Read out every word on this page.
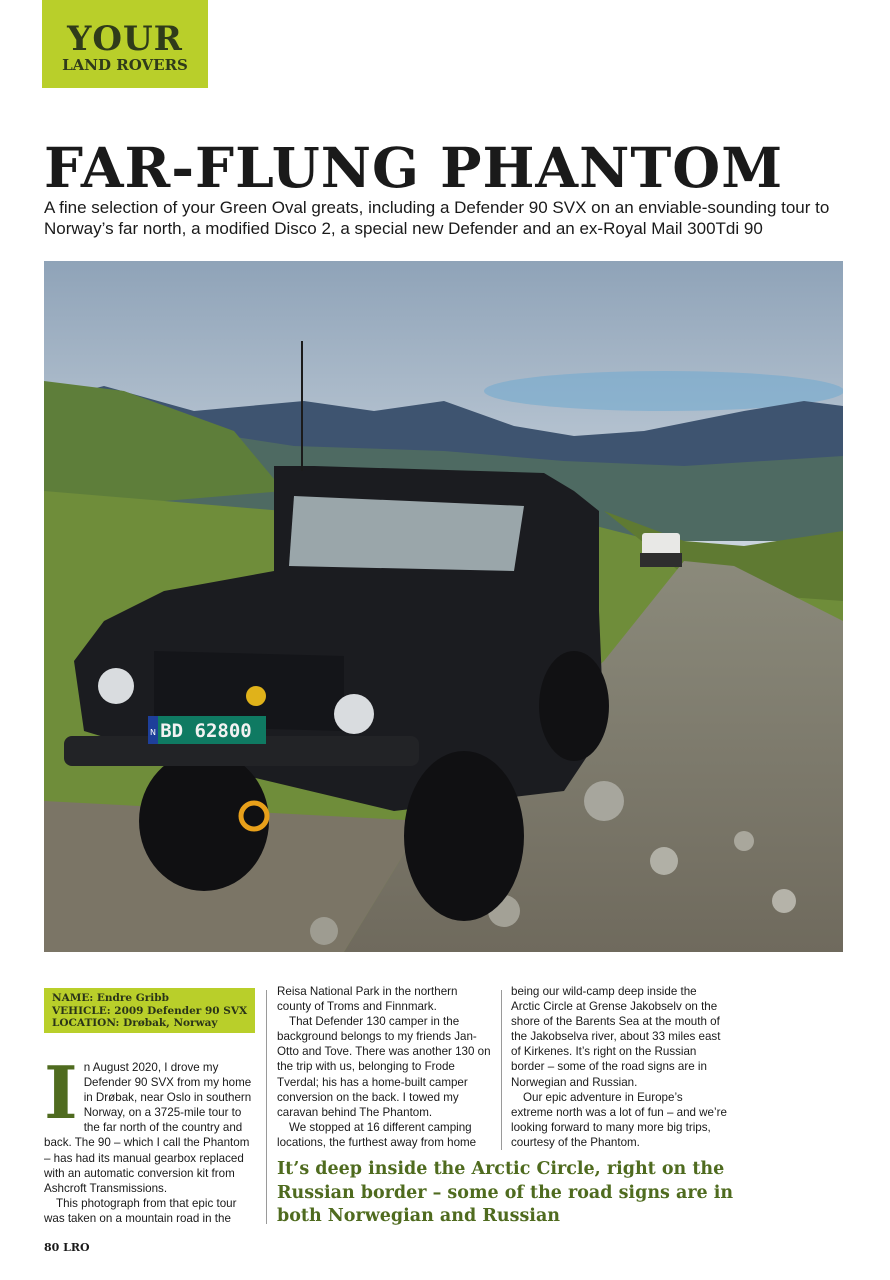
YOUR
LAND ROVERS
FAR-FLUNG PHANTOM

A fine selection of your Green Oval greats, including a Defender 90 SVX on an enviable-sounding tour to Norway’s far north, a modified Disco 2, a special new Defender and an ex-Royal Mail 300Tdi 90

BD 62800
N
NAME: Endre Gribb
VEHICLE: 2009 Defender 90 SVX
LOCATION: Drøbak, Norway

In August 2020, I drove my Defender 90 SVX from my home in Drøbak, near Oslo in southern Norway, on a 3725-mile tour to the far north of the country and back. The 90 – which I call the Phantom – has had its manual gearbox replaced with an automatic conversion kit from Ashcroft Transmissions.

This photograph from that epic tour was taken on a mountain road in the

Reisa National Park in the northern county of Troms and Finnmark.

That Defender 130 camper in the background belongs to my friends Jan-Otto and Tove. There was another 130 on the trip with us, belonging to Frode Tverdal; his has a home-built camper conversion on the back. I towed my caravan behind The Phantom.

We stopped at 16 different camping locations, the furthest away from home

being our wild-camp deep inside the Arctic Circle at Grense Jakobselv on the shore of the Barents Sea at the mouth of the Jakobselva river, about 33 miles east of Kirkenes. It’s right on the Russian border – some of the road signs are in Norwegian and Russian.

Our epic adventure in Europe’s extreme north was a lot of fun – and we’re looking forward to many more big trips, courtesy of the Phantom.

It’s deep inside the Arctic Circle, right on the Russian border – some of the road signs are in both Norwegian and Russian
80 LRO
